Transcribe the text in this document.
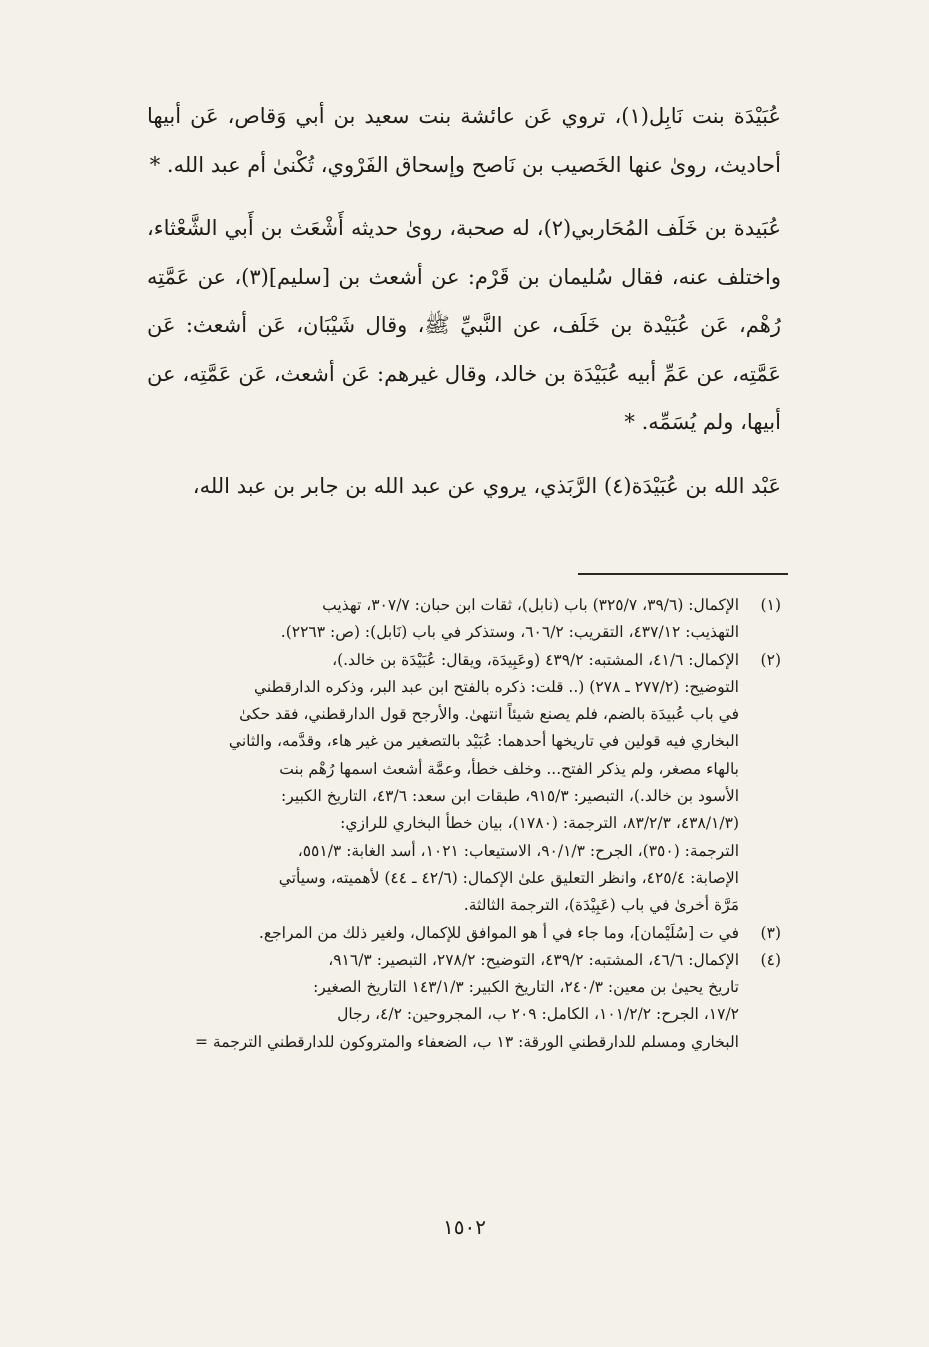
عُبَيْدَة بنت نَابِل(١)، تروي عَن عائشة بنت سعيد بن أبي وَقاص، عَن أبيها أحاديث، روىٰ عنها الخَصيب بن نَاصح وإسحاق الفَرْوي، تُكْنىٰ أم عبد الله. *

عُبَيدة بن خَلَف المُحَاربي(٢)، له صحبة، روىٰ حديثه أَشْعَث بن أَبي الشَّعْثاء، واختلف عنه، فقال سُليمان بن قَرْم: عن أشعث بن [سليم](٣)، عن عَمَّتِه رُهْم، عَن عُبَيْدة بن خَلَف، عن النَّبيِّ ﷺ، وقال شَيْبَان، عَن أشعث: عَن عَمَّتِه، عن عَمِّ أبيه عُبَيْدَة بن خالد، وقال غيرهم: عَن أشعث، عَن عَمَّتِه، عن أبيها، ولم يُسَمِّه. *

عَبْد الله بن عُبَيْدَة(٤) الرَّبَذي، يروي عن عبد الله بن جابر بن عبد الله،

(١)
الإكمال: (٣٩/٦، ٣٢٥/٧) باب (نابل)، ثقات ابن حبان: ٣٠٧/٧، تهذيب
التهذيب: ٤٣٧/١٢، التقريب: ٦٠٦/٢، وستذكر في باب (نَابل): (ص: ٢٢٦٣).
(٢)
الإكمال: ٤١/٦، المشتبه: ٤٣٩/٢ (وعَبِيدَة، ويقال: عُبَيْدَة بن خالد.)،
التوضيح: (٢٧٧/٢ ـ ٢٧٨) (.. قلت: ذكره بالفتح ابن عبد البر، وذكره الدارقطني
في باب عُبيدَة بالضم، فلم يصنع شيئاً انتهىٰ. والأرجح قول الدارقطني، فقد حكىٰ
البخاري فيه قولين في تاريخها أحدهما: عُبَيْد بالتصغير من غير هاء، وقدَّمه، والثاني
بالهاء مصغر، ولم يذكر الفتح... وخلف خطأ، وعمَّة أشعث اسمها رُهْم بنت
الأسود بن خالد.)، التبصير: ٩١٥/٣، طبقات ابن سعد: ٤٣/٦، التاريخ الكبير:
(٤٣٨/١/٣، ٨٣/٢/٣، الترجمة: (١٧٨٠)، بيان خطأ البخاري للرازي:
الترجمة: (٣٥٠)، الجرح: ٩٠/١/٣، الاستيعاب: ١٠٢١، أسد الغابة: ٥٥١/٣،
الإصابة: ٤٢٥/٤، وانظر التعليق علىٰ الإكمال: (٤٢/٦ ـ ٤٤) لأهميته، وسيأتي
مَرَّة أخرىٰ في باب (عَبِيْدَة)، الترجمة الثالثة.
(٣)
في ت [سُلَيْمان]، وما جاء في أ هو الموافق للإكمال، ولغير ذلك من المراجع.
(٤)
الإكمال: ٤٦/٦، المشتبه: ٤٣٩/٢، التوضيح: ٢٧٨/٢، التبصير: ٩١٦/٣،
تاريخ يحيىٰ بن معين: ٢٤٠/٣، التاريخ الكبير: ١٤٣/١/٣ التاريخ الصغير:
١٧/٢، الجرح: ١٠١/٢/٢، الكامل: ٢٠٩ ب، المجروحين: ٤/٢، رجال
البخاري ومسلم للدارقطني الورقة: ١٣ ب، الضعفاء والمتروكون للدارقطني الترجمة =
١٥٠٢
